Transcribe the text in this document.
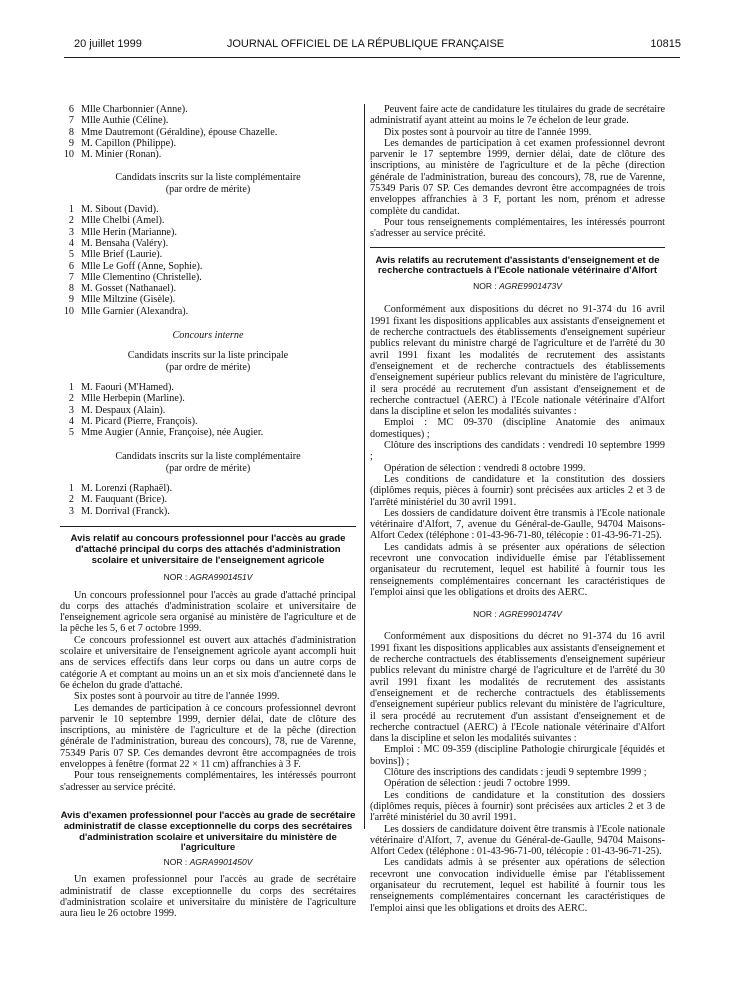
20 juillet 1999	JOURNAL OFFICIEL DE LA RÉPUBLIQUE FRANÇAISE	10815
6 Mlle Charbonnier (Anne).
7 Mlle Authie (Céline).
8 Mme Dautremont (Géraldine), épouse Chazelle.
9 M. Capillon (Philippe).
10 M. Minier (Ronan).

Candidats inscrits sur la liste complémentaire

(par ordre de mérite)

1 M. Sibout (David).
2 Mlle Chelbi (Amel).
3 Mlle Herin (Marianne).
4 M. Bensaha (Valéry).
5 Mlle Brief (Laurie).
6 Mlle Le Goff (Anne, Sophie).
7 Mlle Clementino (Christelle).
8 M. Gosset (Nathanael).
9 Mlle Miltzine (Gisèle).
10 Mlle Garnier (Alexandra).

Concours interne

Candidats inscrits sur la liste principale

(par ordre de mérite)

1 M. Faouri (M'Hamed).
2 Mlle Herbepin (Marline).
3 M. Despaux (Alain).
4 M. Picard (Pierre, François).
5 Mme Augier (Annie, Françoise), née Augier.

Candidats inscrits sur la liste complémentaire

(par ordre de mérite)

1 M. Lorenzi (Raphaël).
2 M. Fauquant (Brice).
3 M. Dorrival (Franck).

Avis relatif au concours professionnel pour l'accès au grade d'attaché principal du corps des attachés d'administration scolaire et universitaire de l'enseignement agricole

NOR : AGRA9901451V

Un concours professionnel pour l'accès au grade d'attaché principal du corps des attachés d'administration scolaire et universitaire de l'enseignement agricole sera organisé au ministère de l'agriculture et de la pêche les 5, 6 et 7 octobre 1999.

Ce concours professionnel est ouvert aux attachés d'administration scolaire et universitaire de l'enseignement agricole ayant accompli huit ans de services effectifs dans leur corps ou dans un autre corps de catégorie A et comptant au moins un an et six mois d'ancienneté dans le 6e échelon du grade d'attaché.

Six postes sont à pourvoir au titre de l'année 1999.

Les demandes de participation à ce concours professionnel devront parvenir le 10 septembre 1999, dernier délai, date de clôture des inscriptions, au ministère de l'agriculture et de la pêche (direction générale de l'administration, bureau des concours), 78, rue de Varenne, 75349 Paris 07 SP. Ces demandes devront être accompagnées de trois enveloppes à fenêtre (format 22 × 11 cm) affranchies à 3 F.

Pour tous renseignements complémentaires, les intéressés pourront s'adresser au service précité.

Avis d'examen professionnel pour l'accès au grade de secrétaire administratif de classe exceptionnelle du corps des secrétaires d'administration scolaire et universitaire du ministère de l'agriculture

NOR : AGRA9901450V

Un examen professionnel pour l'accès au grade de secrétaire administratif de classe exceptionnelle du corps des secrétaires d'administration scolaire et universitaire du ministère de l'agriculture aura lieu le 26 octobre 1999.

Peuvent faire acte de candidature les titulaires du grade de secrétaire administratif ayant atteint au moins le 7e échelon de leur grade.

Dix postes sont à pourvoir au titre de l'année 1999.

Les demandes de participation à cet examen professionnel devront parvenir le 17 septembre 1999, dernier délai, date de clôture des inscriptions, au ministère de l'agriculture et de la pêche (direction générale de l'administration, bureau des concours), 78, rue de Varenne, 75349 Paris 07 SP. Ces demandes devront être accompagnées de trois enveloppes affranchies à 3 F, portant les nom, prénom et adresse complète du candidat.

Pour tous renseignements complémentaires, les intéressés pourront s'adresser au service précité.

Avis relatifs au recrutement d'assistants d'enseignement et de recherche contractuels à l'Ecole nationale vétérinaire d'Alfort

NOR : AGRE9901473V

Conformément aux dispositions du décret no 91-374 du 16 avril 1991 fixant les dispositions applicables aux assistants d'enseignement et de recherche contractuels des établissements d'enseignement supérieur publics relevant du ministre chargé de l'agriculture et de l'arrêté du 30 avril 1991 fixant les modalités de recrutement des assistants d'enseignement et de recherche contractuels des établissements d'enseignement supérieur publics relevant du ministère de l'agriculture, il sera procédé au recrutement d'un assistant d'enseignement et de recherche contractuel (AERC) à l'Ecole nationale vétérinaire d'Alfort dans la discipline et selon les modalités suivantes :

Emploi : MC 09-370 (discipline Anatomie des animaux domestiques) ;

Clôture des inscriptions des candidats : vendredi 10 septembre 1999 ;

Opération de sélection : vendredi 8 octobre 1999.

Les conditions de candidature et la constitution des dossiers (diplômes requis, pièces à fournir) sont précisées aux articles 2 et 3 de l'arrêté ministériel du 30 avril 1991.

Les dossiers de candidature doivent être transmis à l'Ecole nationale vétérinaire d'Alfort, 7, avenue du Général-de-Gaulle, 94704 Maisons-Alfort Cedex (téléphone : 01-43-96-71-80, télécopie : 01-43-96-71-25).

Les candidats admis à se présenter aux opérations de sélection recevront une convocation individuelle émise par l'établissement organisateur du recrutement, lequel est habilité à fournir tous les renseignements complémentaires concernant les caractéristiques de l'emploi ainsi que les obligations et droits des AERC.

NOR : AGRE9901474V

Conformément aux dispositions du décret no 91-374 du 16 avril 1991 fixant les dispositions applicables aux assistants d'enseignement et de recherche contractuels des établissements d'enseignement supérieur publics relevant du ministre chargé de l'agriculture et de l'arrêté du 30 avril 1991 fixant les modalités de recrutement des assistants d'enseignement et de recherche contractuels des établissements d'enseignement supérieur publics relevant du ministère de l'agriculture, il sera procédé au recrutement d'un assistant d'enseignement et de recherche contractuel (AERC) à l'Ecole nationale vétérinaire d'Alfort dans la discipline et selon les modalités suivantes :

Emploi : MC 09-359 (discipline Pathologie chirurgicale [équidés et bovins]) ;

Clôture des inscriptions des candidats : jeudi 9 septembre 1999 ;

Opération de sélection : jeudi 7 octobre 1999.

Les conditions de candidature et la constitution des dossiers (diplômes requis, pièces à fournir) sont précisées aux articles 2 et 3 de l'arrêté ministériel du 30 avril 1991.

Les dossiers de candidature doivent être transmis à l'Ecole nationale vétérinaire d'Alfort, 7, avenue du Général-de-Gaulle, 94704 Maisons-Alfort Cedex (téléphone : 01-43-96-71-00, télécopie : 01-43-96-71-25).

Les candidats admis à se présenter aux opérations de sélection recevront une convocation individuelle émise par l'établissement organisateur du recrutement, lequel est habilité à fournir tous les renseignements complémentaires concernant les caractéristiques de l'emploi ainsi que les obligations et droits des AERC.
